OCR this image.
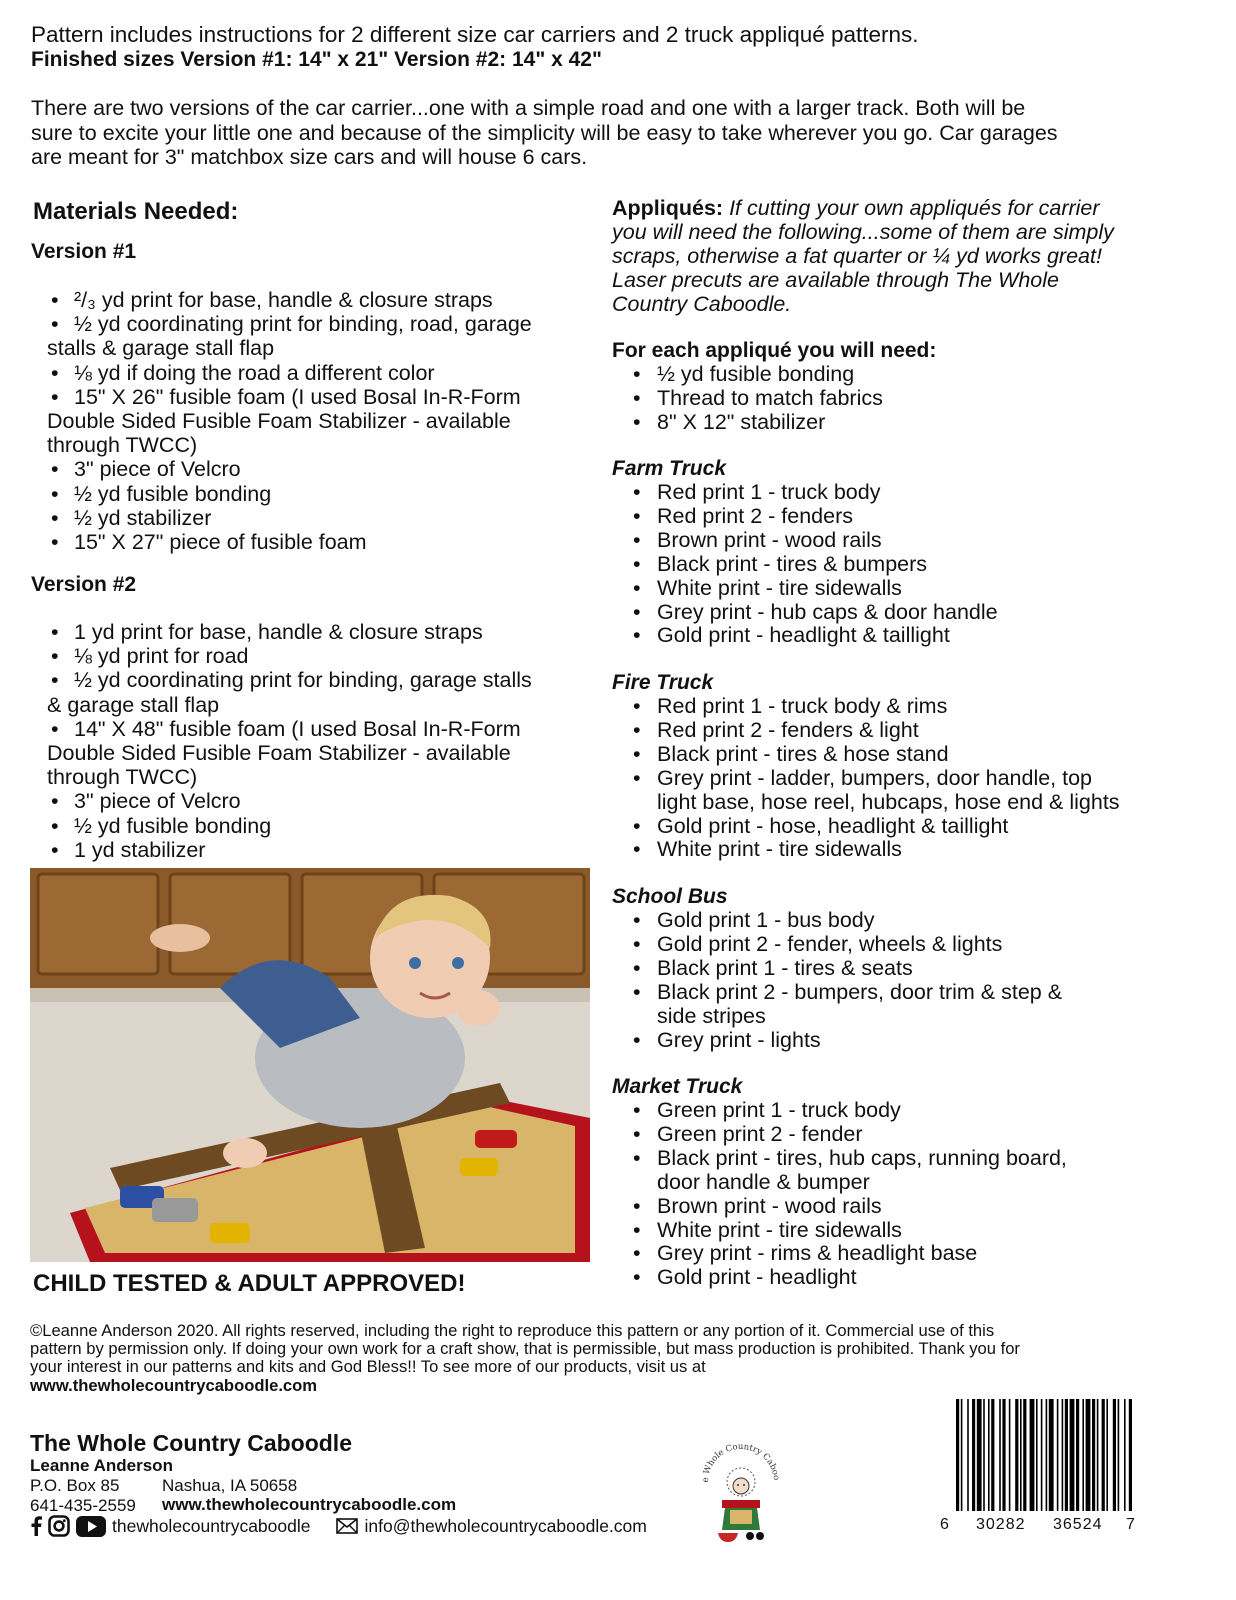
Pattern includes instructions for 2 different size car carriers and 2 truck appliqué patterns.
Finished sizes Version #1: 14" x 21" Version #2: 14" x 42"

There are two versions of the car carrier...one with a simple road and one with a larger track. Both will be

sure to excite your little one and because of the simplicity will be easy to take wherever you go. Car garages

are meant for 3" matchbox size cars and will house 6 cars.

Materials Needed:
Version #1
• ²/₃ yd print for base, handle & closure straps
• ½ yd coordinating print for binding, road, garage
stalls & garage stall flap
• ⅛ yd if doing the road a different color
• 15" X 26" fusible foam (I used Bosal In-R-Form
Double Sided Fusible Foam Stabilizer - available
through TWCC)
• 3" piece of Velcro
• ½ yd fusible bonding
• ½ yd stabilizer
• 15" X 27" piece of fusible foam
Version #2
• 1 yd print for base, handle & closure straps
• ⅛ yd print for road
• ½ yd coordinating print for binding, garage stalls
& garage stall flap
• 14" X 48" fusible foam (I used Bosal In-R-Form
Double Sided Fusible Foam Stabilizer - available
through TWCC)
• 3" piece of Velcro
• ½ yd fusible bonding
• 1 yd stabilizer
CHILD TESTED & ADULT APPROVED!

Appliqués: If cutting your own appliqués for carrier

you will need the following...some of them are simply

scraps, otherwise a fat quarter or ¼ yd works great!

Laser precuts are available through The Whole

Country Caboodle.

For each appliqué you will need:
• ½ yd fusible bonding
• Thread to match fabrics
• 8" X 12" stabilizer
Farm Truck
• Red print 1 - truck body
• Red print 2 - fenders
• Brown print - wood rails
• Black print - tires & bumpers
• White print - tire sidewalls
• Grey print - hub caps & door handle
• Gold print - headlight & taillight
Fire Truck
• Red print 1 - truck body & rims
• Red print 2 - fenders & light
• Black print - tires & hose stand
• Grey print - ladder, bumpers, door handle, top
light base, hose reel, hubcaps, hose end & lights
• Gold print - hose, headlight & taillight
• White print - tire sidewalls
School Bus
• Gold print 1 - bus body
• Gold print 2 - fender, wheels & lights
• Black print 1 - tires & seats
• Black print 2 - bumpers, door trim & step &
side stripes
• Grey print - lights
Market Truck
• Green print 1 - truck body
• Green print 2 - fender
• Black print - tires, hub caps, running board,
door handle & bumper
• Brown print - wood rails
• White print - tire sidewalls
• Grey print - rims & headlight base
• Gold print - headlight

©Leanne Anderson 2020. All rights reserved, including the right to reproduce this pattern or any portion of it. Commercial use of this

pattern by permission only. If doing your own work for a craft show, that is permissible, but mass production is prohibited. Thank you for

your interest in our patterns and kits and God Bless!! To see more of our products, visit us at

www.thewholecountrycaboodle.com

The Whole Country Caboodle
Leanne Anderson
P.O. Box 85	Nashua, IA 50658
641-435-2559 www.thewholecountrycaboodle.com
thewholecountrycaboodle	info@thewholecountrycaboodle.com
e Whole Country Caboo
6 30282 36524 7
